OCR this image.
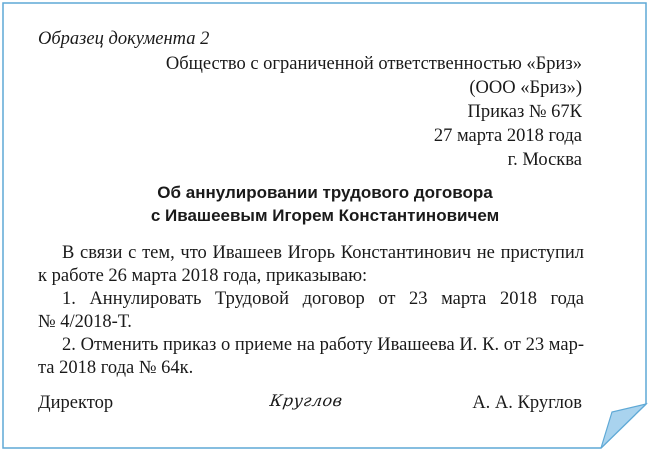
Образец документа 2
Общество с ограниченной ответственностью «Бриз»
(ООО «Бриз»)
Приказ № 67К
27 марта 2018 года
г. Москва
Об аннулировании трудового договора
с Ивашеевым Игорем Константиновичем
В связи с тем, что Ивашеев Игорь Константинович не приступил
к работе 26 марта 2018 года, приказываю:
1. Аннулировать Трудовой договор от 23 марта 2018 года
№ 4/2018-Т.
2. Отменить приказ о приеме на работу Ивашеева И. К. от 23 мар-
та 2018 года № 64к.
Директор	Круглов	А. А. Круглов
